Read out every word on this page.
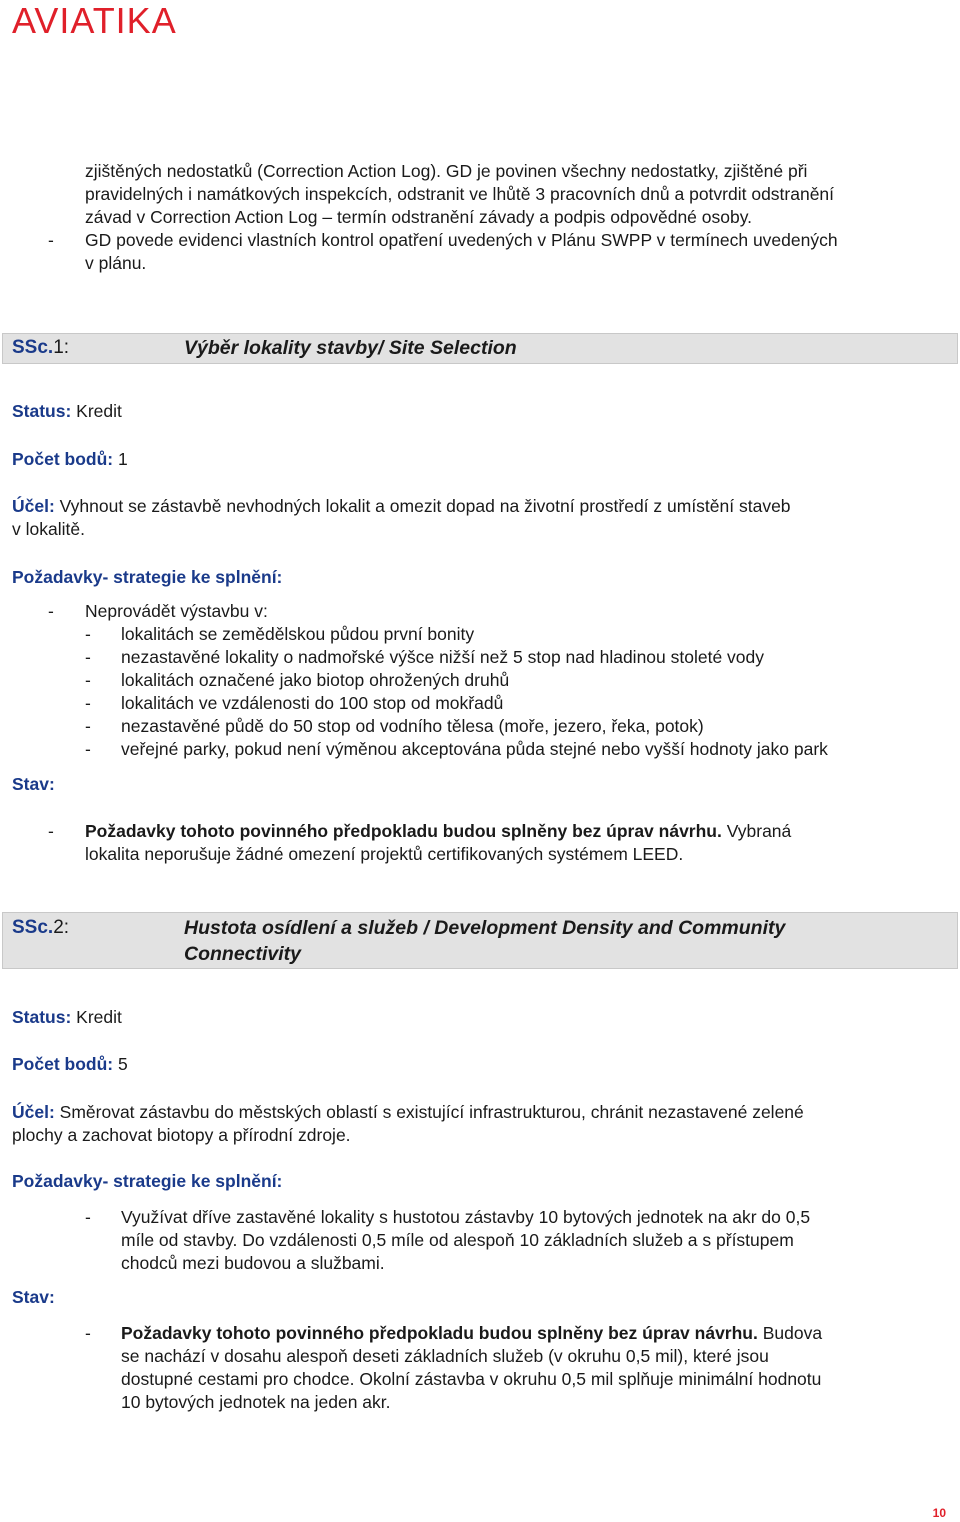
AVIATIKA
zjištěných nedostatků (Correction Action Log). GD je povinen všechny nedostatky, zjištěné při
pravidelných i namátkových inspekcích, odstranit ve lhůtě 3 pracovních dnů a potvrdit odstranění
závad v Correction Action Log – termín odstranění závady a podpis odpovědné osoby.
- GD povede evidenci vlastních kontrol opatření uvedených v Plánu SWPP v termínech uvedených
v plánu.
SSc.1:	Výběr lokality stavby/ Site Selection
Status: Kredit
Počet bodů: 1
Účel: Vyhnout se zástavbě nevhodných lokalit a omezit dopad na životní prostředí z umístění staveb
v lokalitě.
Požadavky- strategie ke splnění:
- Neprovádět výstavbu v:
- lokalitách se zemědělskou půdou první bonity
- nezastavěné lokality o nadmořské výšce nižší než 5 stop nad hladinou stoleté vody
- lokalitách označené jako biotop ohrožených druhů
- lokalitách ve vzdálenosti do 100 stop od mokřadů
- nezastavěné půdě do 50 stop od vodního tělesa (moře, jezero, řeka, potok)
- veřejné parky, pokud není výměnou akceptována půda stejné nebo vyšší hodnoty jako park
Stav:
- Požadavky tohoto povinného předpokladu budou splněny bez úprav návrhu. Vybraná
lokalita neporušuje žádné omezení projektů certifikovaných systémem LEED.
SSc.2:	Hustota osídlení a služeb / Development Density and Community
Connectivity
Status: Kredit
Počet bodů: 5
Účel: Směrovat zástavbu do městských oblastí s existující infrastrukturou, chránit nezastavené zelené
plochy a zachovat biotopy a přírodní zdroje.
Požadavky- strategie ke splnění:
- Využívat dříve zastavěné lokality s hustotou zástavby 10 bytových jednotek na akr do 0,5
míle od stavby. Do vzdálenosti 0,5 míle od alespoň 10 základních služeb a s přístupem
chodců mezi budovou a službami.
Stav:
- Požadavky tohoto povinného předpokladu budou splněny bez úprav návrhu. Budova
se nachází v dosahu alespoň deseti základních služeb (v okruhu 0,5 mil), které jsou
dostupné cestami pro chodce. Okolní zástavba v okruhu 0,5 mil splňuje minimální hodnotu
10 bytových jednotek na jeden akr.
10
